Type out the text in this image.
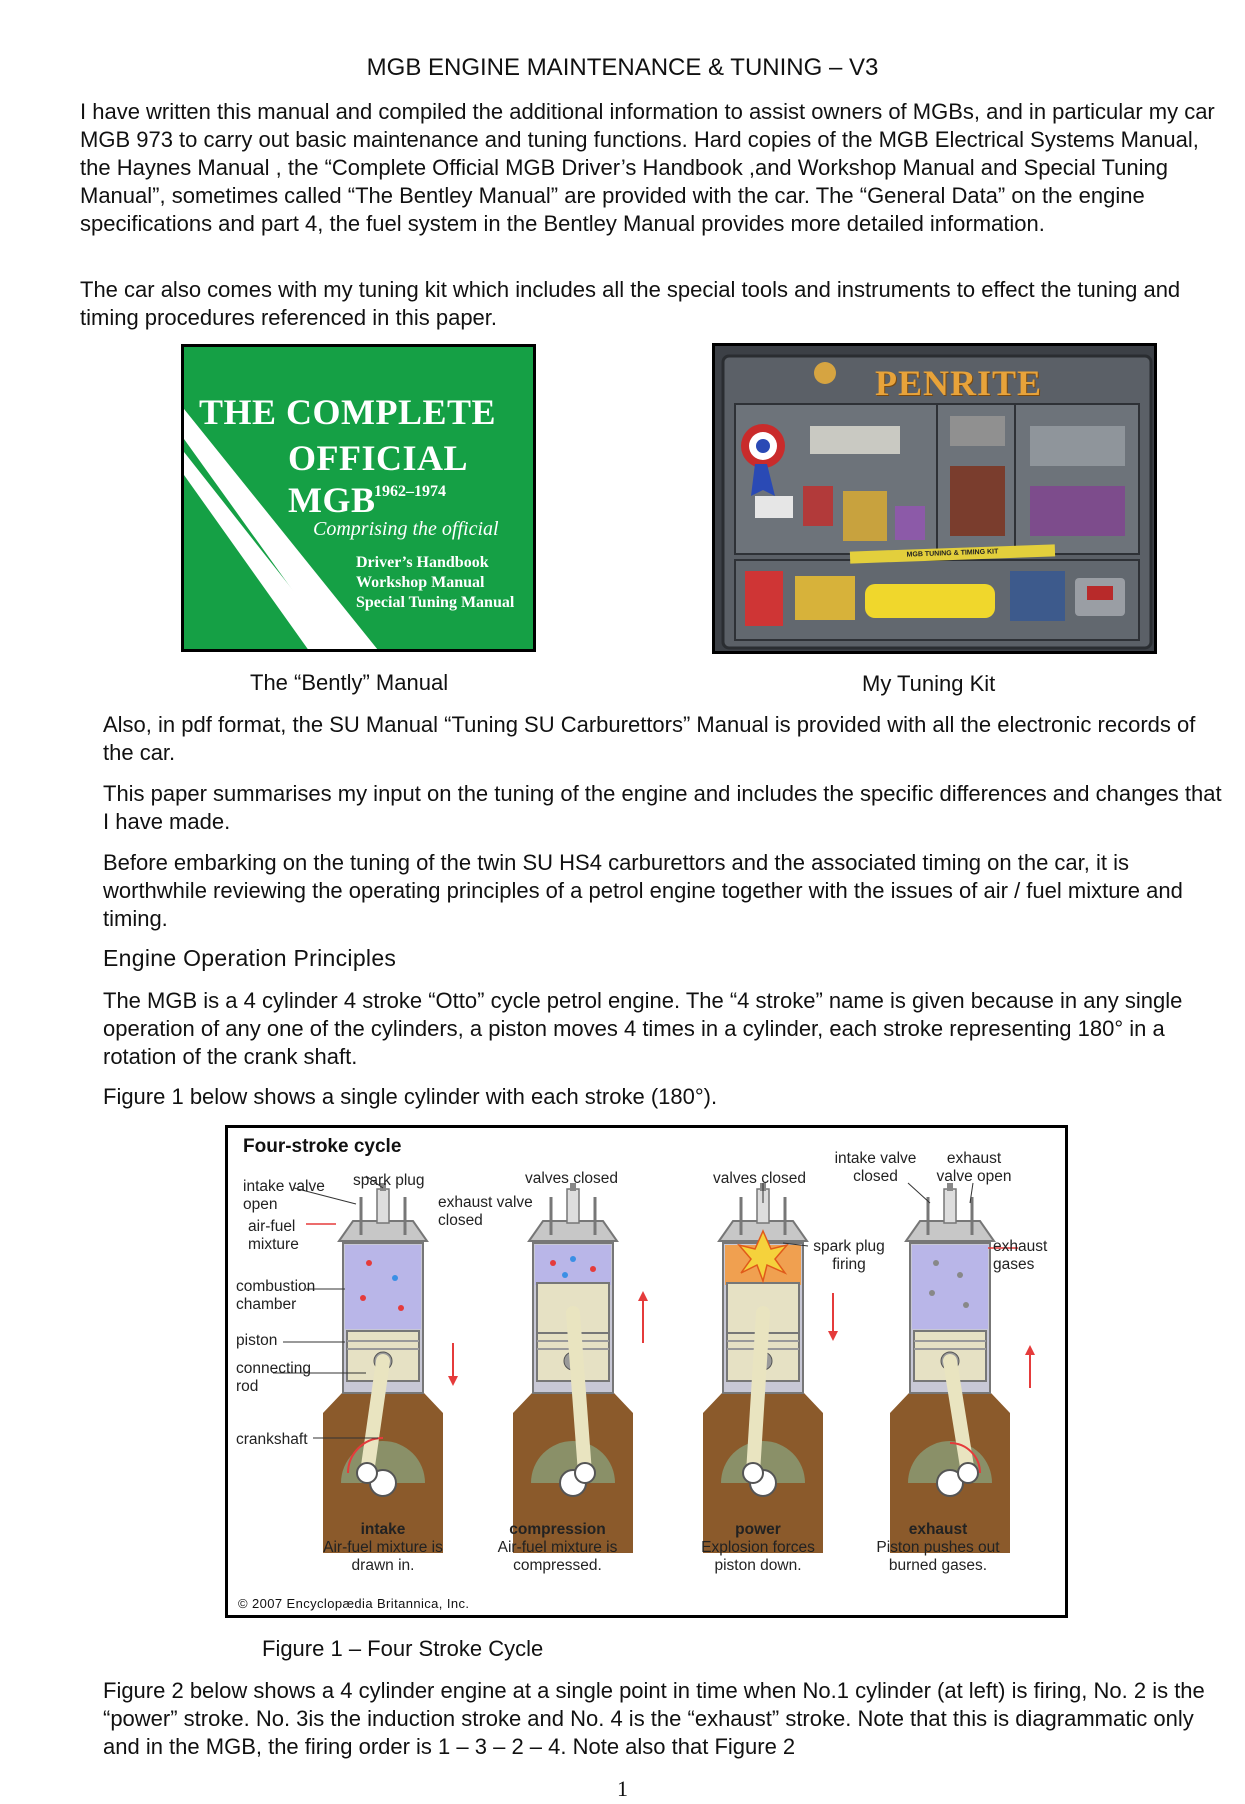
MGB ENGINE MAINTENANCE & TUNING – V3

I have written this manual and compiled the additional information to assist owners of MGBs, and in particular my car MGB 973 to carry out basic maintenance and tuning functions. Hard copies of the MGB Electrical Systems Manual, the Haynes Manual , the “Complete Official MGB Driver’s Handbook ,and Workshop Manual and Special Tuning Manual”, sometimes called “The Bentley Manual” are provided with the car. The “General Data” on the engine specifications and part 4, the fuel system in the Bentley Manual provides more detailed information.

The car also comes with my tuning kit which includes all the special tools and instruments to effect the tuning and timing procedures referenced in this paper.

THE COMPLETE
OFFICIAL MGB
1962–1974
Comprising the official
Driver’s Handbook
Workshop Manual
Special Tuning Manual
PENRITE
MGB TUNING & TIMING KIT
The “Bently” Manual	My Tuning Kit

Also, in pdf format, the SU Manual “Tuning SU Carburettors” Manual is provided with all the electronic records of the car.

This paper summarises my input on the tuning of the engine and includes the specific differences and changes that I have made.

Before embarking on the tuning of the twin SU HS4 carburettors and the associated timing on the car, it is worthwhile reviewing the operating principles of a petrol engine together with the issues of air / fuel mixture and timing.

Engine Operation Principles

The MGB is a 4 cylinder 4 stroke “Otto” cycle petrol engine. The “4 stroke” name is given because in any single operation of any one of the cylinders, a piston moves 4 times in a cylinder, each stroke representing 180° in a rotation of the crank shaft.

Figure 1 below shows a single cylinder with each stroke (180°).

Four-stroke cycle
intake valve open
spark plug
air-fuel mixture
exhaust valve closed
combustion chamber
piston
connecting rod
crankshaft
valves closed	valves closed
spark plug firing
intake valve closed
exhaust valve open
exhaust gases
intake
Air-fuel mixture is drawn in.
compression
Air-fuel mixture is compressed.
power
Explosion forces piston down.
exhaust
Piston pushes out burned gases.
© 2007 Encyclopædia Britannica, Inc.
Figure 1 – Four Stroke Cycle

Figure 2 below shows a 4 cylinder engine at a single point in time when No.1 cylinder (at left) is firing, No. 2 is the “power” stroke. No. 3is the induction stroke and No. 4 is the “exhaust” stroke. Note that this is diagrammatic only and in the MGB, the firing order is 1 – 3 – 2 – 4. Note also that Figure 2

1
